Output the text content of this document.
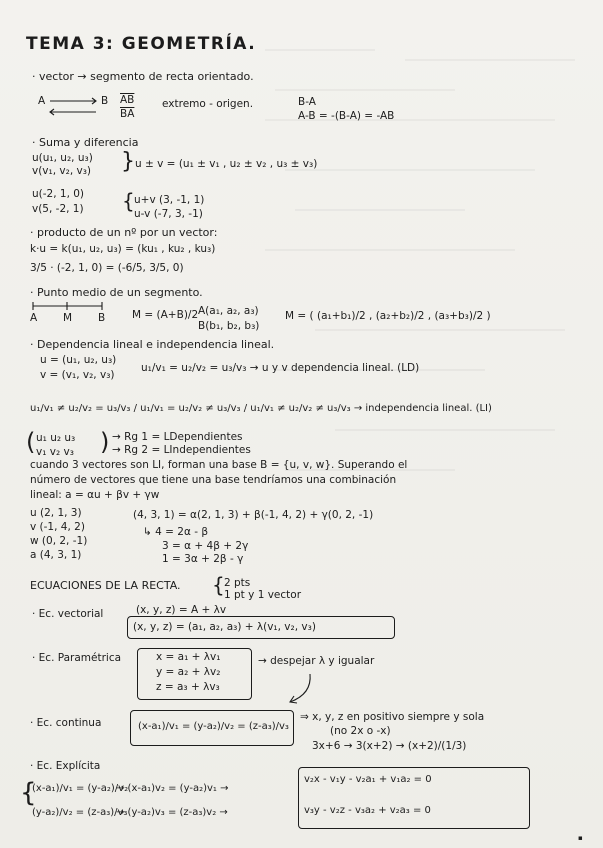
TEMA 3: GEOMETRÍA.
· vector → segmento de recta orientado.
A	B $\overline{AB}$
$\overline{BA}$
extremo - origen.	B-A
A-B = -(B-A) = -AB
· Suma y diferencia
u(u₁, u₂, u₃)
v(v₁, v₂, v₃) } u ± v = (u₁ ± v₁ , u₂ ± v₂ , u₃ ± v₃)
u(-2, 1, 0)
v(5, -2, 1) { u+v (3, -1, 1)
u-v (-7, 3, -1)
· producto de un nº por un vector:
k·u = k(u₁, u₂, u₃) = (ku₁ , ku₂ , ku₃)
3/5 · (-2, 1, 0) = (-6/5, 3/5, 0)
· Punto medio de un segmento.
A M B	M = (A+B)/2 A(a₁, a₂, a₃)
B(b₁, b₂, b₃)
M = ( (a₁+b₁)/2 , (a₂+b₂)/2 , (a₃+b₃)/2 )
· Dependencia lineal e independencia lineal.
u = (u₁, u₂, u₃)
v = (v₁, v₂, v₃)
u₁/v₁ = u₂/v₂ = u₃/v₃ → u y v dependencia lineal. (LD)
u₁/v₁ ≠ u₂/v₂ = u₃/v₃ / u₁/v₁ = u₂/v₂ ≠ u₃/v₃ / u₁/v₁ ≠ u₂/v₂ ≠ u₃/v₃ → independencia lineal. (LI)
( u₁ u₂ u₃
v₁ v₂ v₃ ) → Rg 1 = LDependientes
→ Rg 2 = LIndependientes
cuando 3 vectores son LI, forman una base B = {u, v, w}. Superando el
número de vectores que tiene una base tendríamos una combinación
lineal: a = αu + βv + γw
u (2, 1, 3)
v (-1, 4, 2)
w (0, 2, -1)
a (4, 3, 1)
(4, 3, 1) = α(2, 1, 3) + β(-1, 4, 2) + γ(0, 2, -1)
↳ 4 = 2α - β
3 = α + 4β + 2γ
1 = 3α + 2β - γ
ECUACIONES DE LA RECTA. { 2 pts
1 pt y 1 vector
· Ec. vectorial	(x, y, z) = A + λv
(x, y, z) = (a₁, a₂, a₃) + λ(v₁, v₂, v₃)
· Ec. Paramétrica	x = a₁ + λv₁
y = a₂ + λv₂
z = a₃ + λv₃
→ despejar λ y igualar
· Ec. continua	(x-a₁)/v₁ = (y-a₂)/v₂ = (z-a₃)/v₃
⇒ x, y, z en positivo siempre y sola
(no 2x o -x)
3x+6 → 3(x+2) → (x+2)/(1/3)
· Ec. Explícita
{
(x-a₁)/v₁ = (y-a₂)/v₂
→ (x-a₁)v₂ = (y-a₂)v₁ →
(y-a₂)/v₂ = (z-a₃)/v₃
→ (y-a₂)v₃ = (z-a₃)v₂ →
v₂x - v₁y - v₂a₁ + v₁a₂ = 0
v₃y - v₂z - v₃a₂ + v₂a₃ = 0
▪
